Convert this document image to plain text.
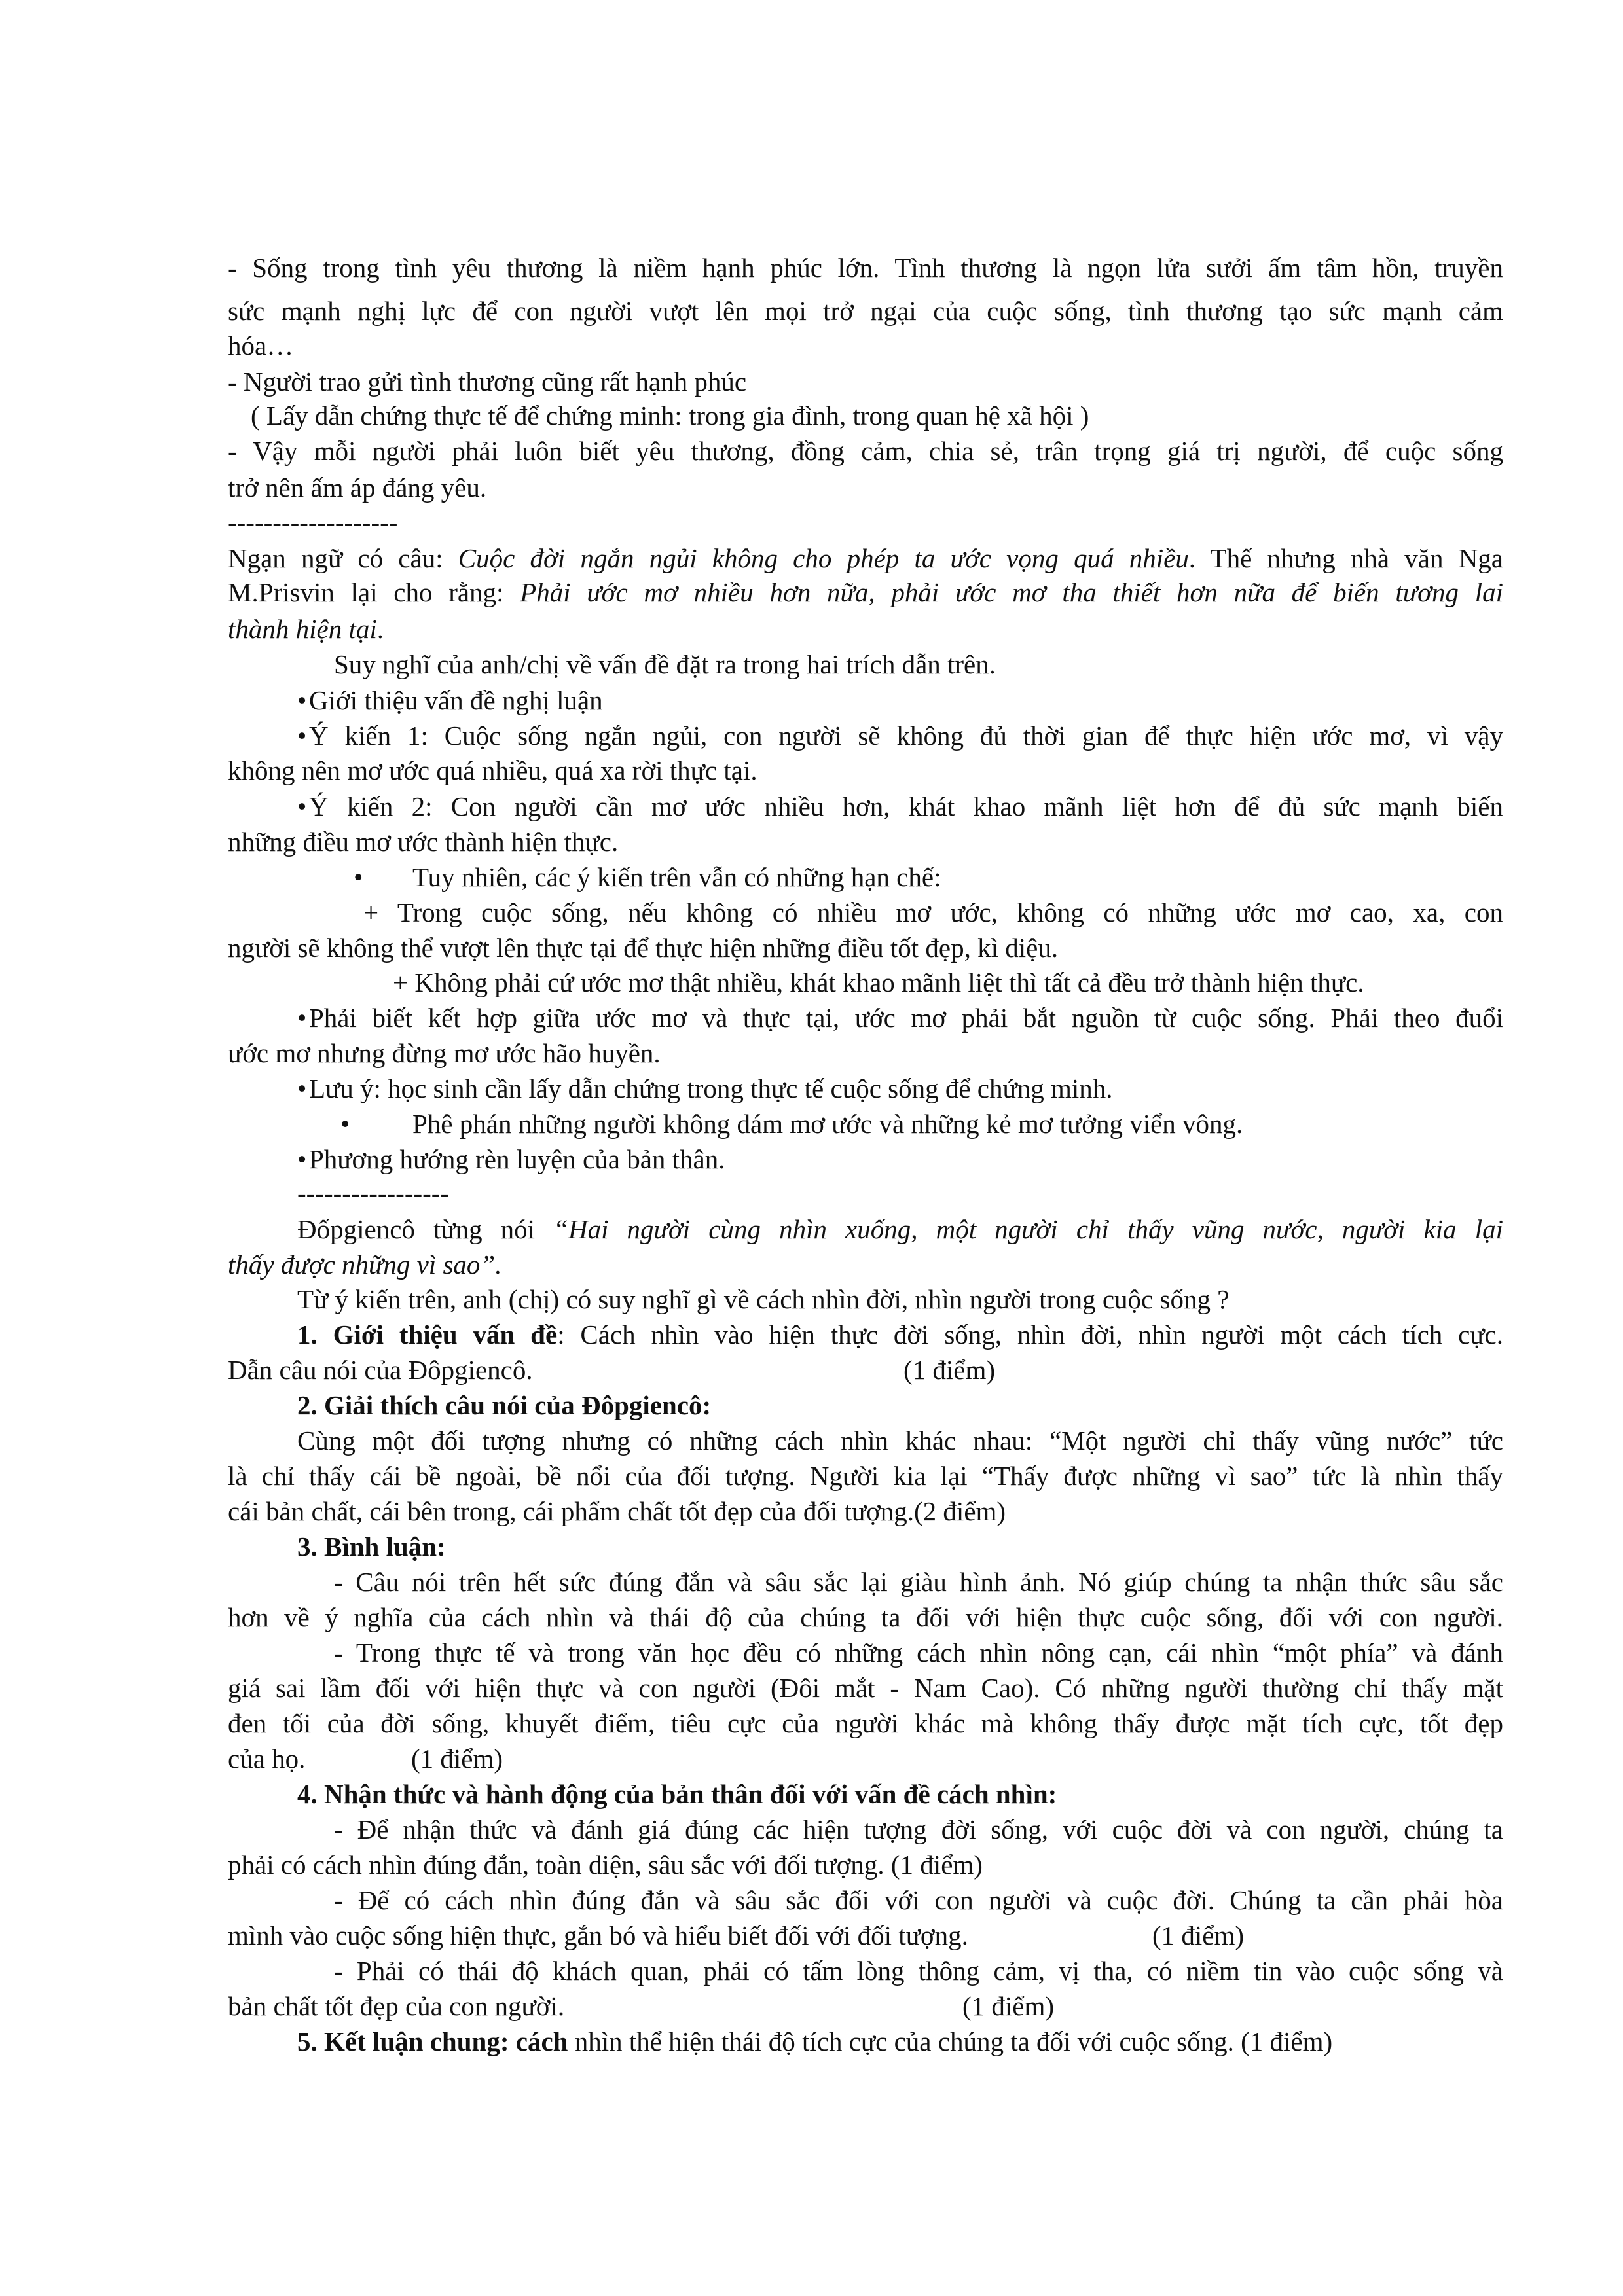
- Sống trong tình yêu thương là niềm hạnh phúc lớn. Tình thương là ngọn lửa sưởi ấm tâm hồn, truyền
sức mạnh nghị lực để con người vượt lên mọi trở ngại của cuộc sống, tình thương tạo sức mạnh cảm
hóa…
- Người trao gửi tình thương cũng rất hạnh phúc
( Lấy dẫn chứng thực tế để chứng minh: trong gia đình, trong quan hệ xã hội )
- Vậy mỗi người phải luôn biết yêu thương, đồng cảm, chia sẻ, trân trọng giá trị người, để cuộc sống
trở nên ấm áp đáng yêu.
-------------------
Ngạn ngữ có câu: Cuộc đời ngắn ngủi không cho phép ta ước vọng quá nhiều. Thế nhưng nhà văn Nga
M.Prisvin lại cho rằng: Phải ước mơ nhiều hơn nữa, phải ước mơ tha thiết hơn nữa để biến tương lai
thành hiện tại.
Suy nghĩ của anh/chị về vấn đề đặt ra trong hai trích dẫn trên.
•Giới thiệu vấn đề nghị luận
•Ý kiến 1: Cuộc sống ngắn ngủi, con người sẽ không đủ thời gian để thực hiện ước mơ, vì vậy
không nên mơ ước quá nhiều, quá xa rời thực tại.
•Ý kiến 2: Con người cần mơ ước nhiều hơn, khát khao mãnh liệt hơn để đủ sức mạnh biến
những điều mơ ước thành hiện thực.
• Tuy nhiên, các ý kiến trên vẫn có những hạn chế:
+ Trong cuộc sống, nếu không có nhiều mơ ước, không có những ước mơ cao, xa, con
người sẽ không thể vượt lên thực tại để thực hiện những điều tốt đẹp, kì diệu.
+ Không phải cứ ước mơ thật nhiều, khát khao mãnh liệt thì tất cả đều trở thành hiện thực.
•Phải biết kết hợp giữa ước mơ và thực tại, ước mơ phải bắt nguồn từ cuộc sống. Phải theo đuổi
ước mơ nhưng đừng mơ ước hão huyền.
•Lưu ý: học sinh cần lấy dẫn chứng trong thực tế cuộc sống để chứng minh.
• Phê phán những người không dám mơ ước và những kẻ mơ tưởng viển vông.
•Phương hướng rèn luyện của bản thân.
-----------------
Đốpgiencô từng nói “Hai người cùng nhìn xuống, một người chỉ thấy vũng nước, người kia lại
thấy được những vì sao”.
Từ ý kiến trên, anh (chị) có suy nghĩ gì về cách nhìn đời, nhìn người trong cuộc sống ?
1. Giới thiệu vấn đề: Cách nhìn vào hiện thực đời sống, nhìn đời, nhìn người một cách tích cực.
Dẫn câu nói của Đôpgiencô.	(1 điểm)
2. Giải thích câu nói của Đôpgiencô:
Cùng một đối tượng nhưng có những cách nhìn khác nhau: “Một người chỉ thấy vũng nước” tức
là chỉ thấy cái bề ngoài, bề nổi của đối tượng. Người kia lại “Thấy được những vì sao” tức là nhìn thấy
cái bản chất, cái bên trong, cái phẩm chất tốt đẹp của đối tượng.(2 điểm)
3. Bình luận:
- Câu nói trên hết sức đúng đắn và sâu sắc lại giàu hình ảnh. Nó giúp chúng ta nhận thức sâu sắc
hơn về ý nghĩa của cách nhìn và thái độ của chúng ta đối với hiện thực cuộc sống, đối với con người.
- Trong thực tế và trong văn học đều có những cách nhìn nông cạn, cái nhìn “một phía” và đánh
giá sai lầm đối với hiện thực và con người (Đôi mắt - Nam Cao). Có những người thường chỉ thấy mặt
đen tối của đời sống, khuyết điểm, tiêu cực của người khác mà không thấy được mặt tích cực, tốt đẹp
của họ.	(1 điểm)
4. Nhận thức và hành động của bản thân đối với vấn đề cách nhìn:
- Để nhận thức và đánh giá đúng các hiện tượng đời sống, với cuộc đời và con người, chúng ta
phải có cách nhìn đúng đắn, toàn diện, sâu sắc với đối tượng. (1 điểm)
- Để có cách nhìn đúng đắn và sâu sắc đối với con người và cuộc đời. Chúng ta cần phải hòa
mình vào cuộc sống hiện thực, gắn bó và hiểu biết đối với đối tượng.	(1 điểm)
- Phải có thái độ khách quan, phải có tấm lòng thông cảm, vị tha, có niềm tin vào cuộc sống và
bản chất tốt đẹp của con người.	(1 điểm)
5. Kết luận chung: cách nhìn thể hiện thái độ tích cực của chúng ta đối với cuộc sống. (1 điểm)
